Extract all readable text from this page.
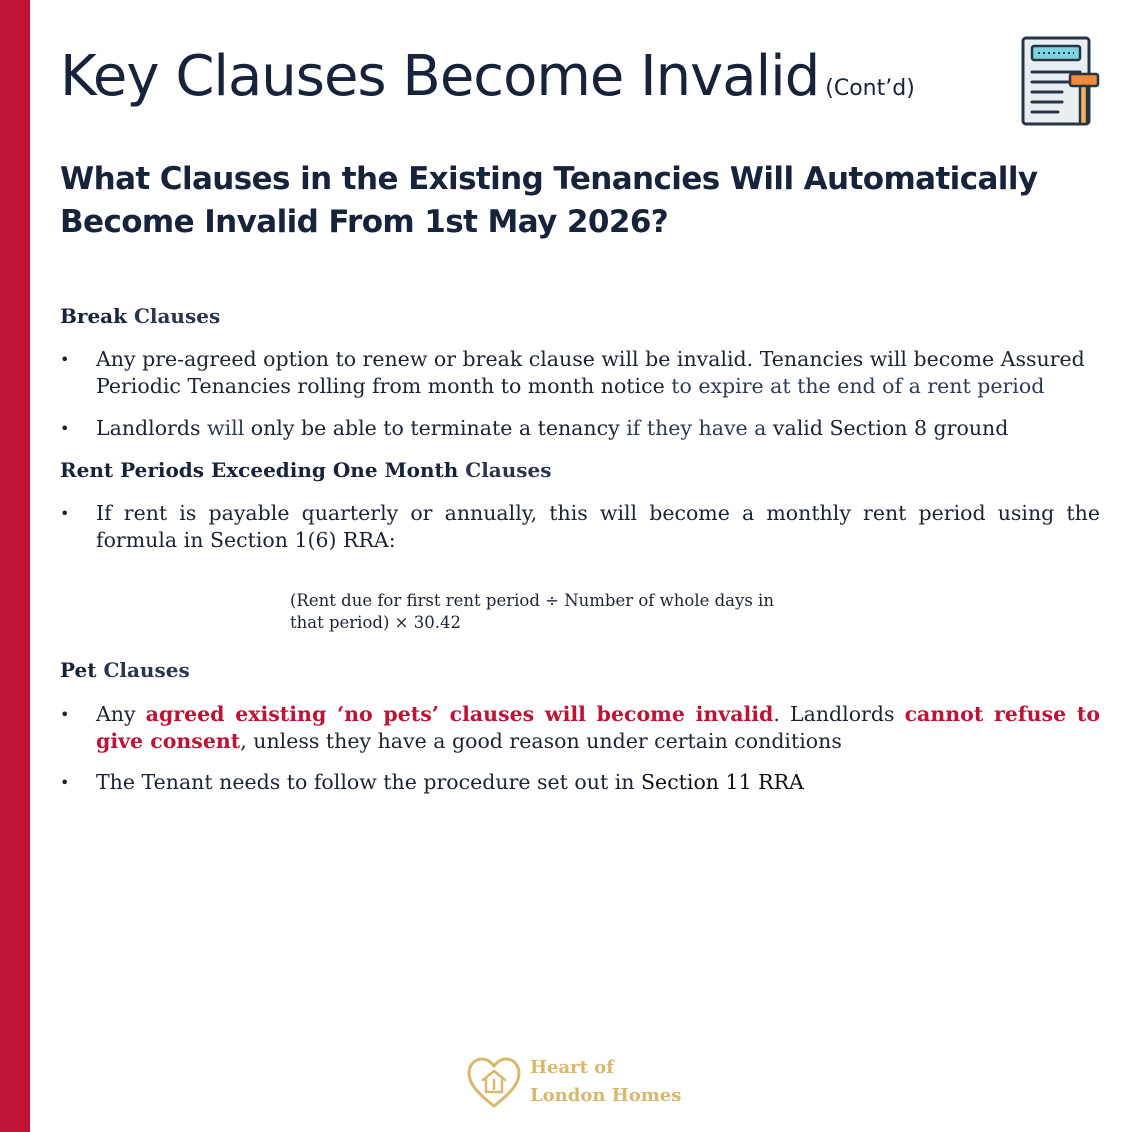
Key Clauses Become Invalid (Cont’d)
What Clauses in the Existing Tenancies Will Automatically Become Invalid From 1st May 2026?
Break Clauses
•	Any pre-agreed option to renew or break clause will be invalid. Tenancies will become Assured Periodic Tenancies rolling from month to month notice to expire at the end of a rent period
•	Landlords will only be able to terminate a tenancy if they have a valid Section 8 ground
Rent Periods Exceeding One Month Clauses
•	If rent is payable quarterly or annually, this will become a monthly rent period using the formula in Section 1(6) RRA:
(Rent due for first rent period ÷ Number of whole days in
that period) × 30.42
Pet Clauses
•	Any agreed existing ‘no pets’ clauses will become invalid. Landlords cannot refuse to give consent, unless they have a good reason under certain conditions
•	The Tenant needs to follow the procedure set out in Section 11 RRA
Heart of
London Homes
